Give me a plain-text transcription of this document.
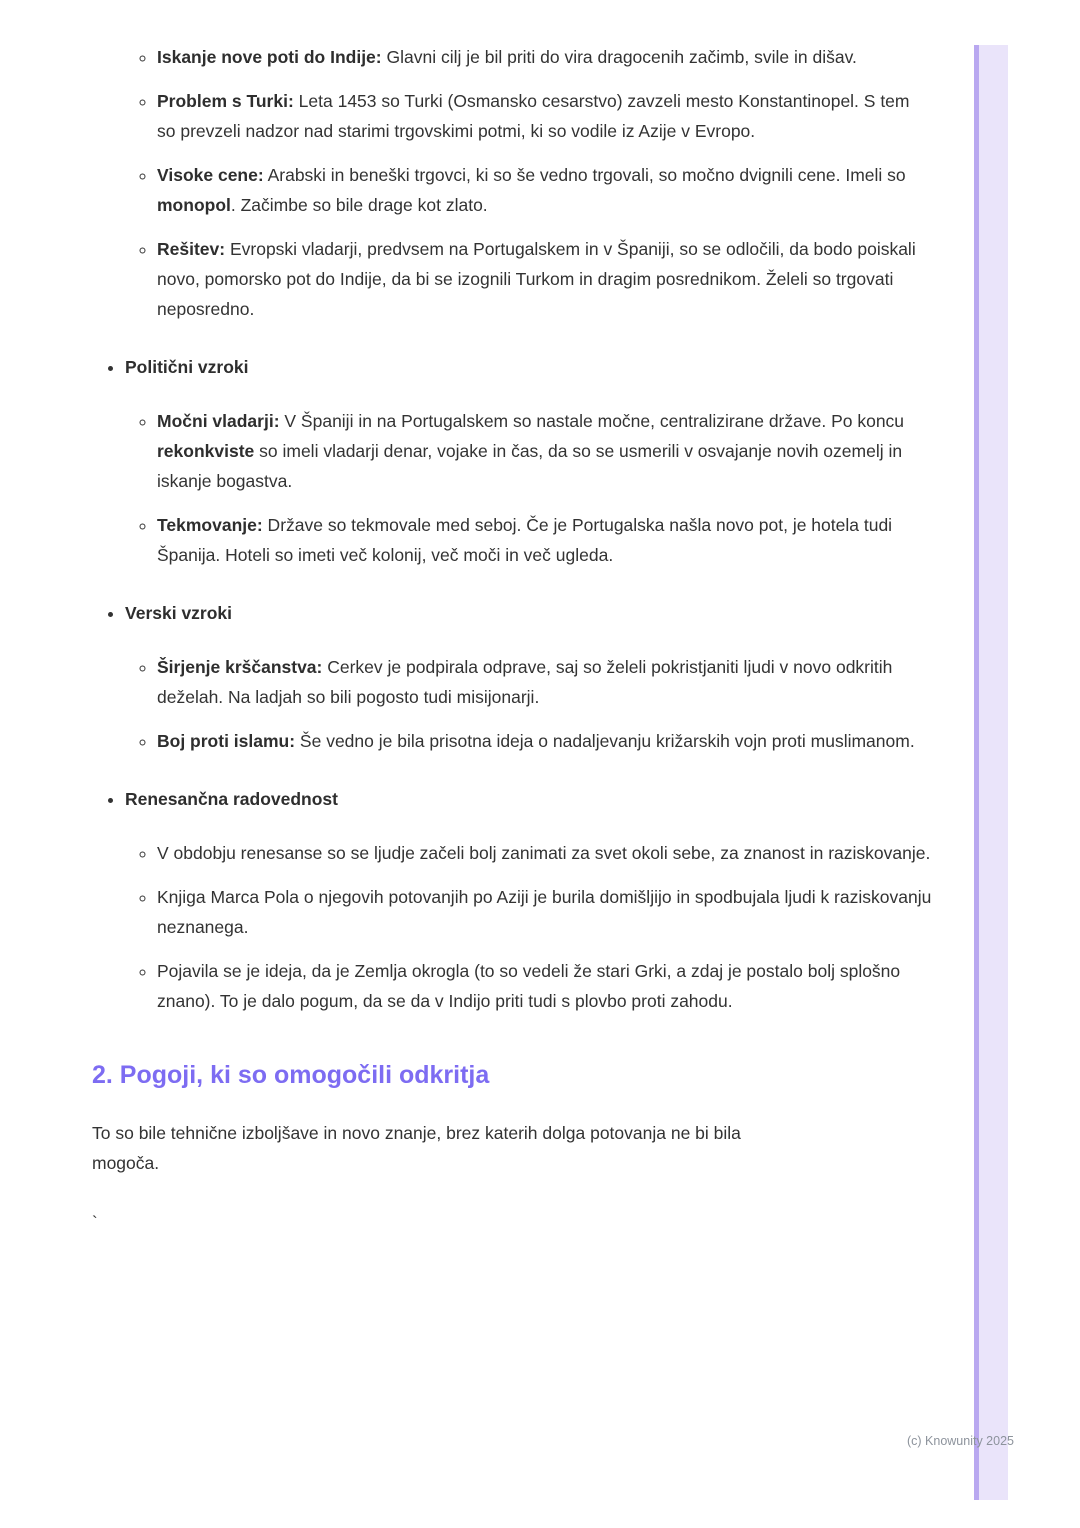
◦ Iskanje nove poti do Indije: Glavni cilj je bil priti do vira dragocenih začimb, svile in dišav.
◦ Problem s Turki: Leta 1453 so Turki (Osmansko cesarstvo) zavzeli mesto Konstantinopel. S tem so prevzeli nadzor nad starimi trgovskimi potmi, ki so vodile iz Azije v Evropo.
◦ Visoke cene: Arabski in beneški trgovci, ki so še vedno trgovali, so močno dvignili cene. Imeli so monopol. Začimbe so bile drage kot zlato.
◦ Rešitev: Evropski vladarji, predvsem na Portugalskem in v Španiji, so se odločili, da bodo poiskali novo, pomorsko pot do Indije, da bi se izognili Turkom in dragim posrednikom. Želeli so trgovati neposredno.
• Politični vzroki
◦ Močni vladarji: V Španiji in na Portugalskem so nastale močne, centralizirane države. Po koncu rekonkviste so imeli vladarji denar, vojake in čas, da so se usmerili v osvajanje novih ozemelj in iskanje bogastva.
◦ Tekmovanje: Države so tekmovale med seboj. Če je Portugalska našla novo pot, je hotela tudi Španija. Hoteli so imeti več kolonij, več moči in več ugleda.
• Verski vzroki
◦ Širjenje krščanstva: Cerkev je podpirala odprave, saj so želeli pokristjaniti ljudi v novo odkritih deželah. Na ladjah so bili pogosto tudi misijonarji.
◦ Boj proti islamu: Še vedno je bila prisotna ideja o nadaljevanju križarskih vojn proti muslimanom.
• Renesančna radovednost
◦ V obdobju renesanse so se ljudje začeli bolj zanimati za svet okoli sebe, za znanost in raziskovanje.
◦ Knjiga Marca Pola o njegovih potovanjih po Aziji je burila domišljijo in spodbujala ljudi k raziskovanju neznanega.
◦ Pojavila se je ideja, da je Zemlja okrogla (to so vedeli že stari Grki, a zdaj je postalo bolj splošno znano). To je dalo pogum, da se da v Indijo priti tudi s plovbo proti zahodu.
2. Pogoji, ki so omogočili odkritja

To so bile tehnične izboljšave in novo znanje, brez katerih dolga potovanja ne bi bila mogoča.

`

(c) Knowunity 2025
